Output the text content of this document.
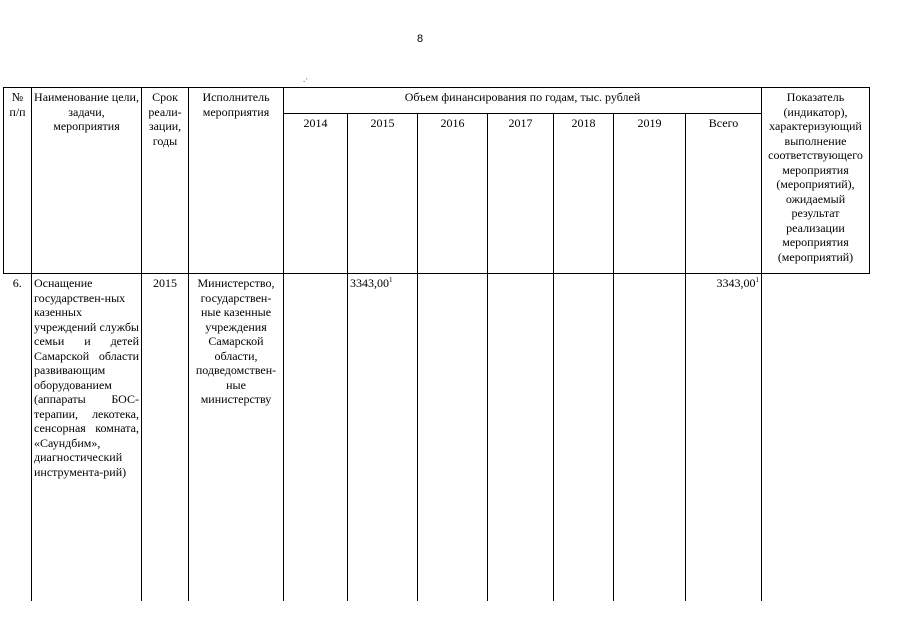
8
.·
№
п/п	Наименование цели, задачи, мероприятия	Срок реали-зации, годы	Исполнитель мероприятия	Объем финансирования по годам, тыс. рублей							Показатель (индикатор), характеризующий выполнение соответствующего мероприятия (мероприятий), ожидаемый результат реализации мероприятия (мероприятий)
				2014	2015	2016	2017	2018	2019	Всего	
6.	Оснащение государствен-ных казенных учреждений службы семьи и детей Самарской области развивающим оборудованием (аппараты БОС-терапии, лекотека, сенсорная комната, «Саундбим», диагностический инструмента-рий)	2015	Министерство, государствен-ные казенные учреждения Самарской области, подведомствен-ные министерству		3343,00$^1$					3343,00$^1$	
